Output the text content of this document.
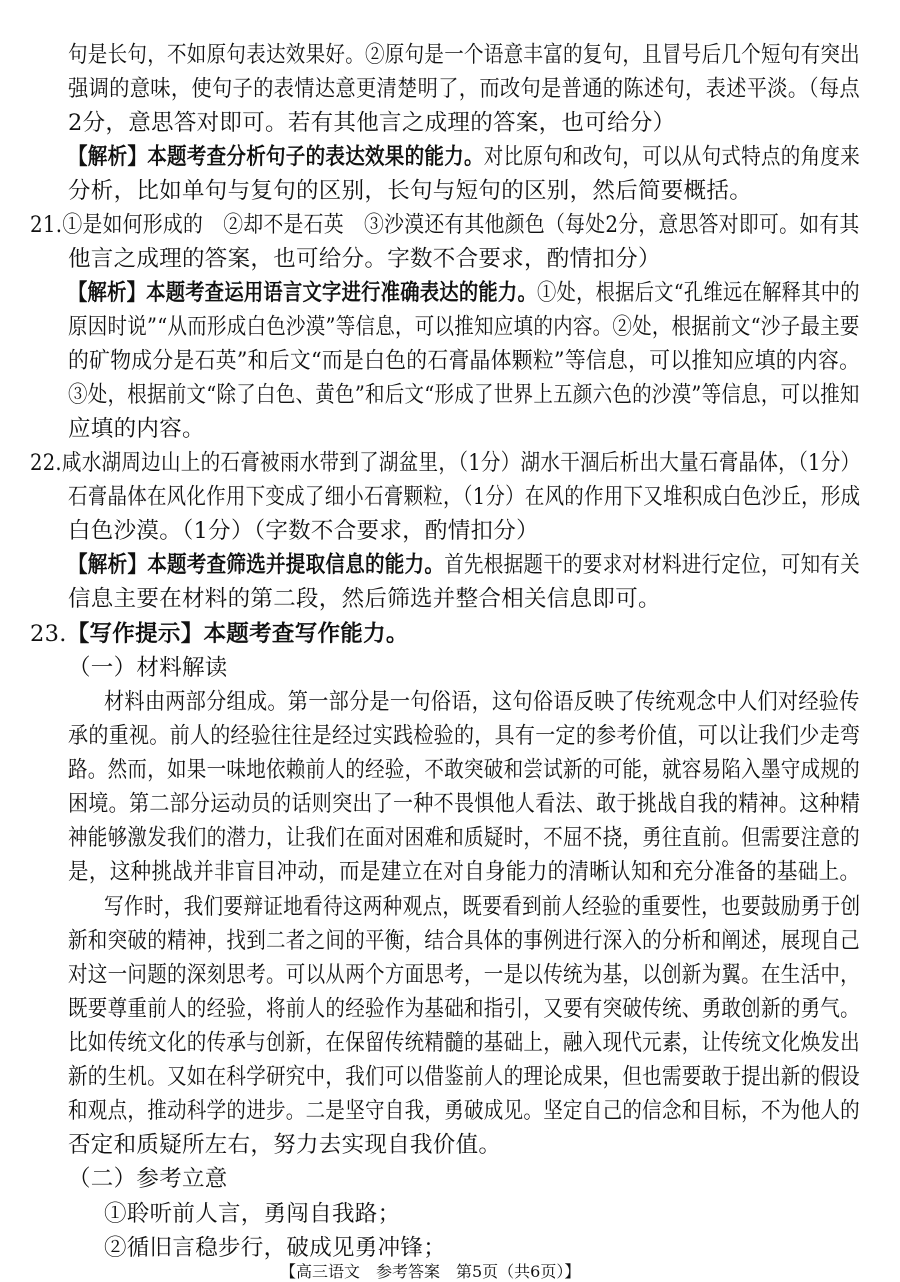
句是长句，不如原句表达效果好。②原句是一个语意丰富的复句，且冒号后几个短句有突出
强调的意味，使句子的表情达意更清楚明了，而改句是普通的陈述句，表述平淡。（每点
2分，意思答对即可。若有其他言之成理的答案，也可给分）
【解析】本题考查分析句子的表达效果的能力。对比原句和改句，可以从句式特点的角度来
分析，比如单句与复句的区别，长句与短句的区别，然后简要概括。
21.①是如何形成的　②却不是石英　③沙漠还有其他颜色（每处2分，意思答对即可。如有其
他言之成理的答案，也可给分。字数不合要求，酌情扣分）
【解析】本题考查运用语言文字进行准确表达的能力。①处，根据后文“孔维远在解释其中的
原因时说”“从而形成白色沙漠”等信息，可以推知应填的内容。②处，根据前文“沙子最主要
的矿物成分是石英”和后文“而是白色的石膏晶体颗粒”等信息，可以推知应填的内容。
③处，根据前文“除了白色、黄色”和后文“形成了世界上五颜六色的沙漠”等信息，可以推知
应填的内容。
22.咸水湖周边山上的石膏被雨水带到了湖盆里，（1分）湖水干涸后析出大量石膏晶体，（1分）
石膏晶体在风化作用下变成了细小石膏颗粒，（1分）在风的作用下又堆积成白色沙丘，形成
白色沙漠。（1分）（字数不合要求，酌情扣分）
【解析】本题考查筛选并提取信息的能力。首先根据题干的要求对材料进行定位，可知有关
信息主要在材料的第二段，然后筛选并整合相关信息即可。
23.【写作提示】本题考查写作能力。
（一）材料解读
材料由两部分组成。第一部分是一句俗语，这句俗语反映了传统观念中人们对经验传
承的重视。前人的经验往往是经过实践检验的，具有一定的参考价值，可以让我们少走弯
路。然而，如果一味地依赖前人的经验，不敢突破和尝试新的可能，就容易陷入墨守成规的
困境。第二部分运动员的话则突出了一种不畏惧他人看法、敢于挑战自我的精神。这种精
神能够激发我们的潜力，让我们在面对困难和质疑时，不屈不挠，勇往直前。但需要注意的
是，这种挑战并非盲目冲动，而是建立在对自身能力的清晰认知和充分准备的基础上。
写作时，我们要辩证地看待这两种观点，既要看到前人经验的重要性，也要鼓励勇于创
新和突破的精神，找到二者之间的平衡，结合具体的事例进行深入的分析和阐述，展现自己
对这一问题的深刻思考。可以从两个方面思考，一是以传统为基，以创新为翼。在生活中，
既要尊重前人的经验，将前人的经验作为基础和指引，又要有突破传统、勇敢创新的勇气。
比如传统文化的传承与创新，在保留传统精髓的基础上，融入现代元素，让传统文化焕发出
新的生机。又如在科学研究中，我们可以借鉴前人的理论成果，但也需要敢于提出新的假设
和观点，推动科学的进步。二是坚守自我，勇破成见。坚定自己的信念和目标，不为他人的
否定和质疑所左右，努力去实现自我价值。
（二）参考立意
①聆听前人言，勇闯自我路；
②循旧言稳步行，破成见勇冲锋；
【高三语文　参考答案　第5页（共6页）】
